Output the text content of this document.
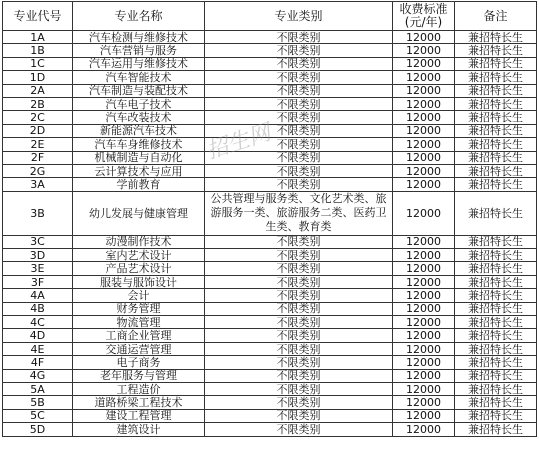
专业代号	专业名称	专业类别	收费标准(元/年)	备注
1A	汽车检测与维修技术	不限类别	12000	兼招特长生
1B	汽车营销与服务	不限类别	12000	兼招特长生
1C	汽车运用与维修技术	不限类别	12000	兼招特长生
1D	汽车智能技术	不限类别	12000	兼招特长生
2A	汽车制造与装配技术	不限类别	12000	兼招特长生
2B	汽车电子技术	不限类别	12000	兼招特长生
2C	汽车改装技术	不限类别	12000	兼招特长生
2D	新能源汽车技术	不限类别	12000	兼招特长生
2E	汽车车身维修技术	不限类别	12000	兼招特长生
2F	机械制造与自动化	不限类别	12000	兼招特长生
2G	云计算技术与应用	不限类别	12000	兼招特长生
3A	学前教育	不限类别	12000	兼招特长生
3B	幼儿发展与健康管理	公共管理与服务类、文化艺术类、旅游服务一类、旅游服务二类、医药卫生类、教育类	12000	兼招特长生
3C	动漫制作技术	不限类别	12000	兼招特长生
3D	室内艺术设计	不限类别	12000	兼招特长生
3E	产品艺术设计	不限类别	12000	兼招特长生
3F	服装与服饰设计	不限类别	12000	兼招特长生
4A	会计	不限类别	12000	兼招特长生
4B	财务管理	不限类别	12000	兼招特长生
4C	物流管理	不限类别	12000	兼招特长生
4D	工商企业管理	不限类别	12000	兼招特长生
4E	交通运营管理	不限类别	12000	兼招特长生
4F	电子商务	不限类别	12000	兼招特长生
4G	老年服务与管理	不限类别	12000	兼招特长生
5A	工程造价	不限类别	12000	兼招特长生
5B	道路桥梁工程技术	不限类别	12000	兼招特长生
5C	建设工程管理	不限类别	12000	兼招特长生
5D	建筑设计	不限类别	12000	兼招特长生
招生网
